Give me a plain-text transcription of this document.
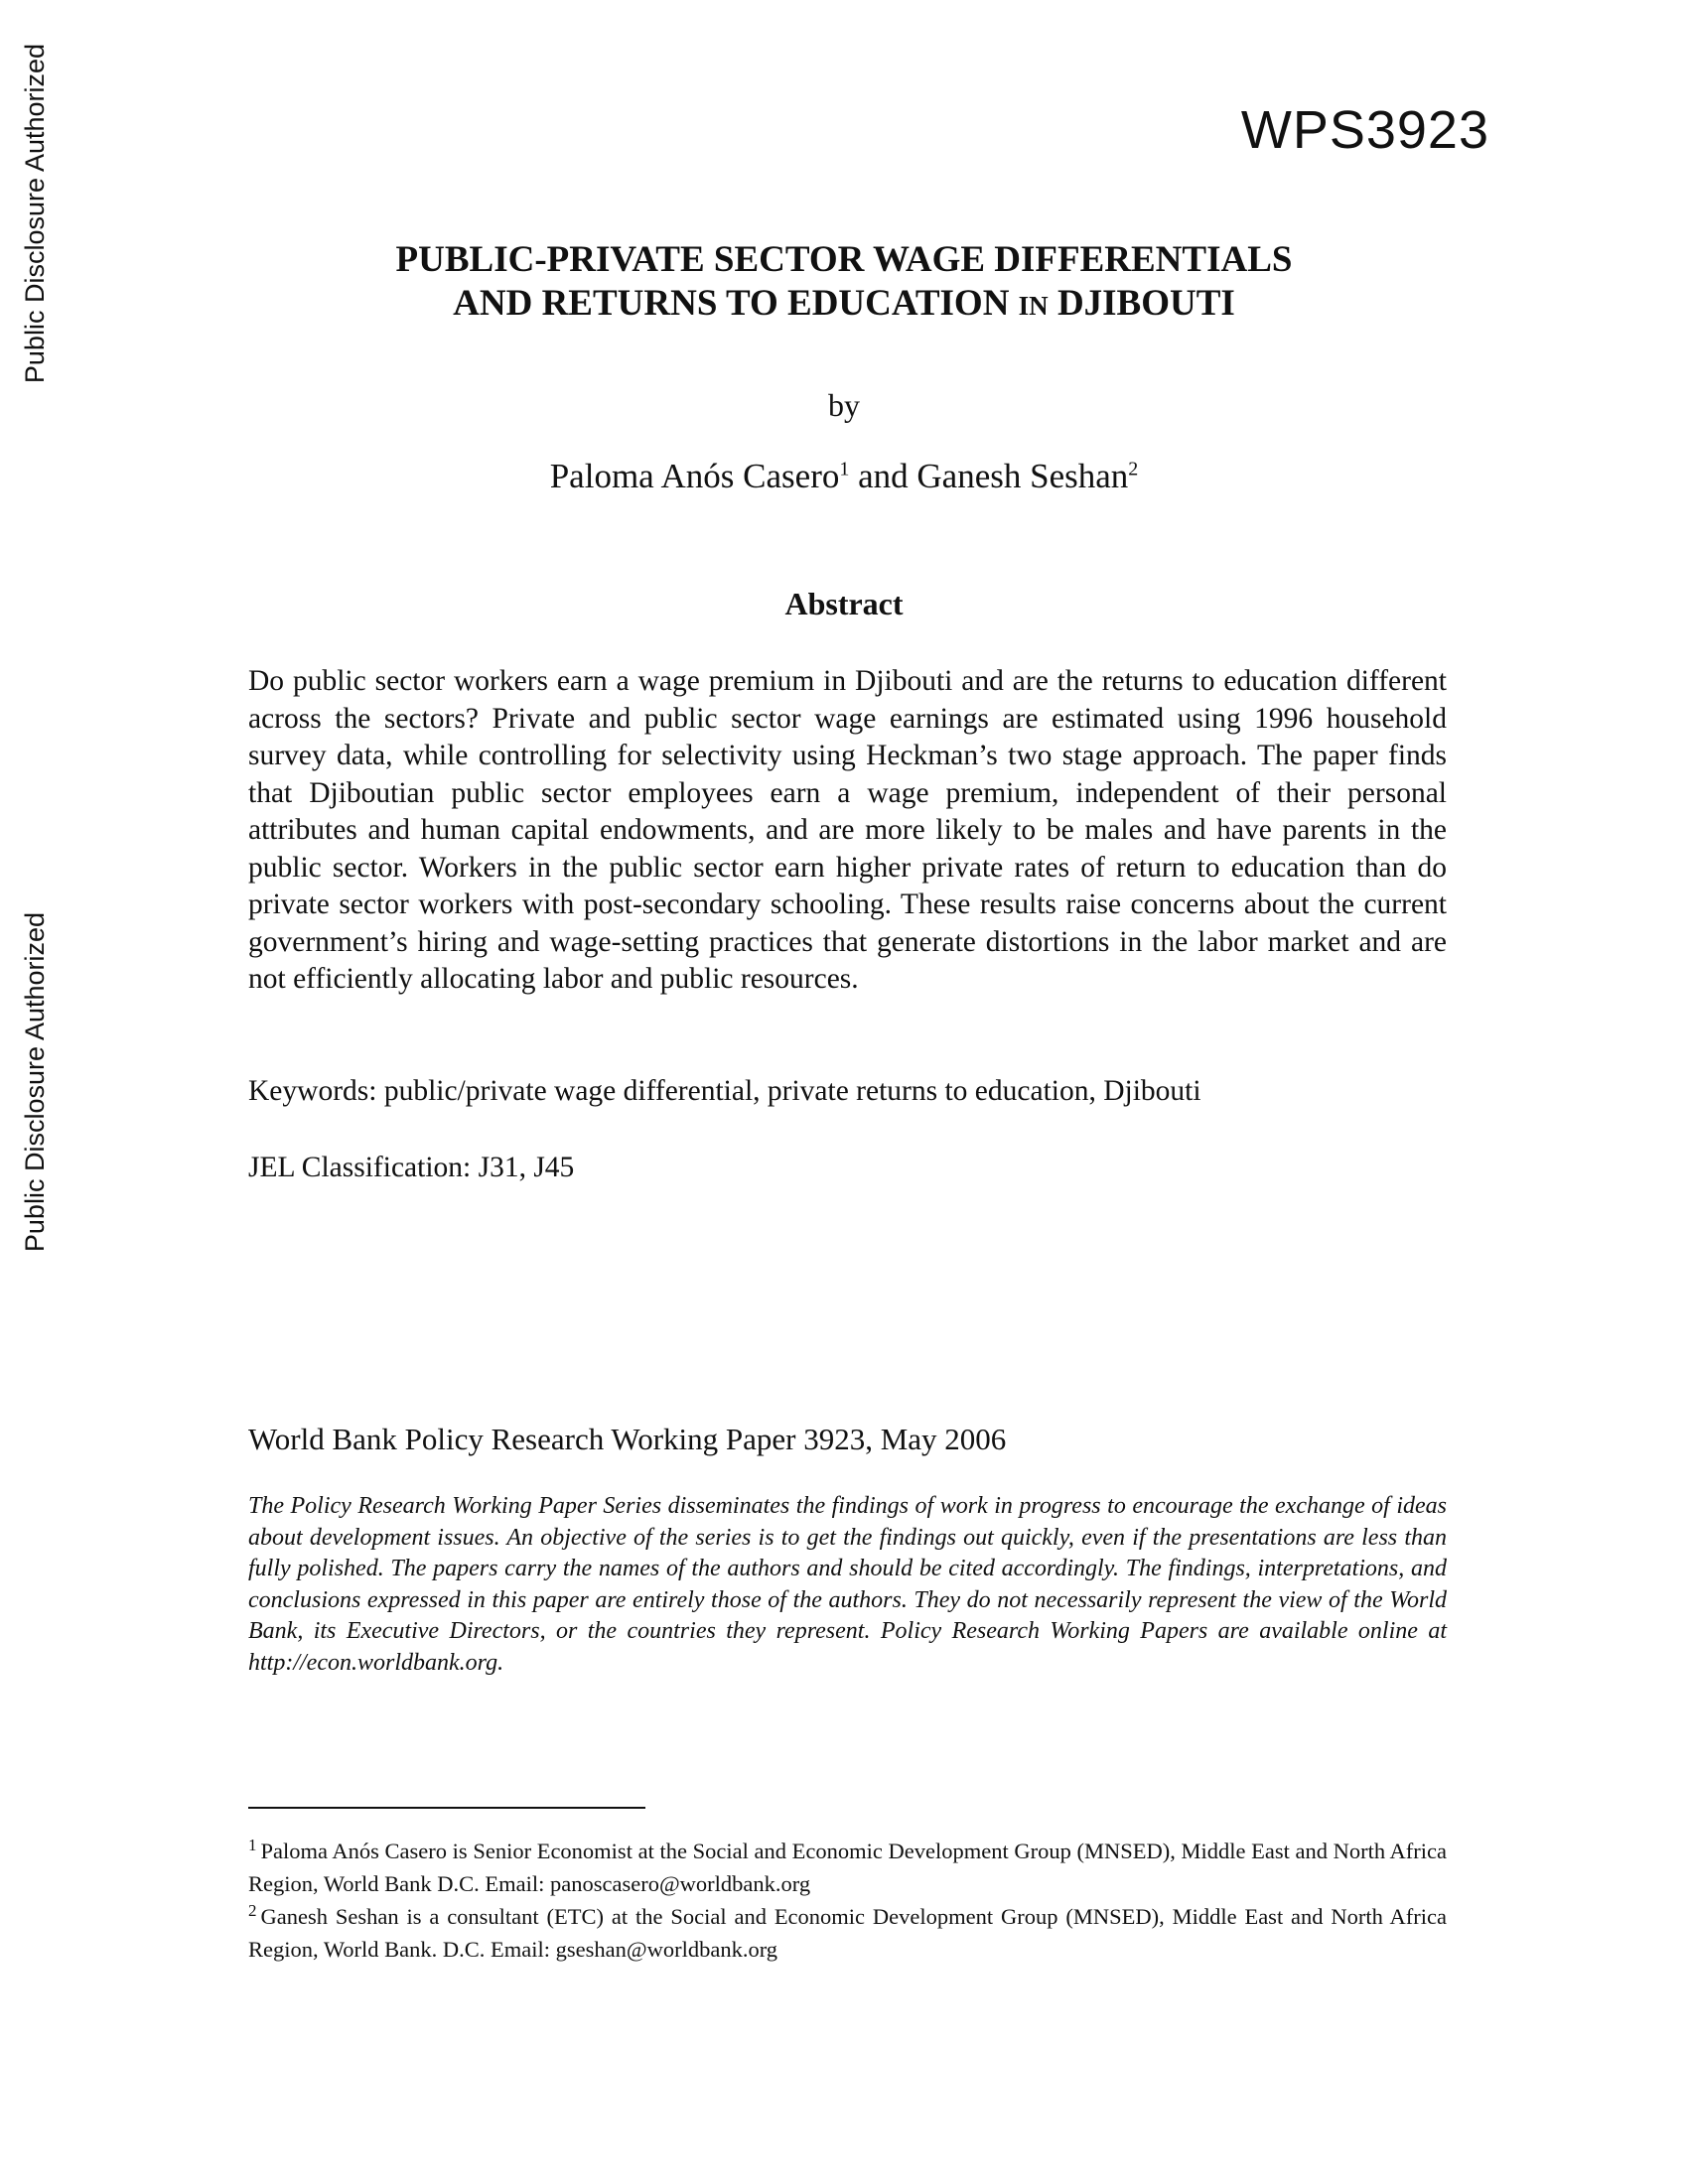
Public Disclosure Authorized
Public Disclosure Authorized
WPS3923
PUBLIC-PRIVATE SECTOR WAGE DIFFERENTIALS
AND RETURNS TO EDUCATION IN DJIBOUTI
by
Paloma Anós Casero$^1$ and Ganesh Seshan$^2$
Abstract

Do public sector workers earn a wage premium in Djibouti and are the returns to education different across the sectors? Private and public sector wage earnings are estimated using 1996 household survey data, while controlling for selectivity using Heckman’s two stage approach. The paper finds that Djiboutian public sector employees earn a wage premium, independent of their personal attributes and human capital endowments, and are more likely to be males and have parents in the public sector. Workers in the public sector earn higher private rates of return to education than do private sector workers with post-secondary schooling. These results raise concerns about the current government’s hiring and wage-setting practices that generate distortions in the labor market and are not efficiently allocating labor and public resources.

Keywords: public/private wage differential, private returns to education, Djibouti
JEL Classification: J31, J45
World Bank Policy Research Working Paper 3923, May 2006

The Policy Research Working Paper Series disseminates the findings of work in progress to encourage the exchange of ideas about development issues. An objective of the series is to get the findings out quickly, even if the presentations are less than fully polished. The papers carry the names of the authors and should be cited accordingly. The findings, interpretations, and conclusions expressed in this paper are entirely those of the authors. They do not necessarily represent the view of the World Bank, its Executive Directors, or the countries they represent. Policy Research Working Papers are available online at http://econ.worldbank.org.

$^1$ Paloma Anós Casero is Senior Economist at the Social and Economic Development Group (MNSED), Middle East and North Africa Region, World Bank D.C. Email: panoscasero@worldbank.org

$^2$ Ganesh Seshan is a consultant (ETC) at the Social and Economic Development Group (MNSED), Middle East and North Africa Region, World Bank. D.C. Email: gseshan@worldbank.org
